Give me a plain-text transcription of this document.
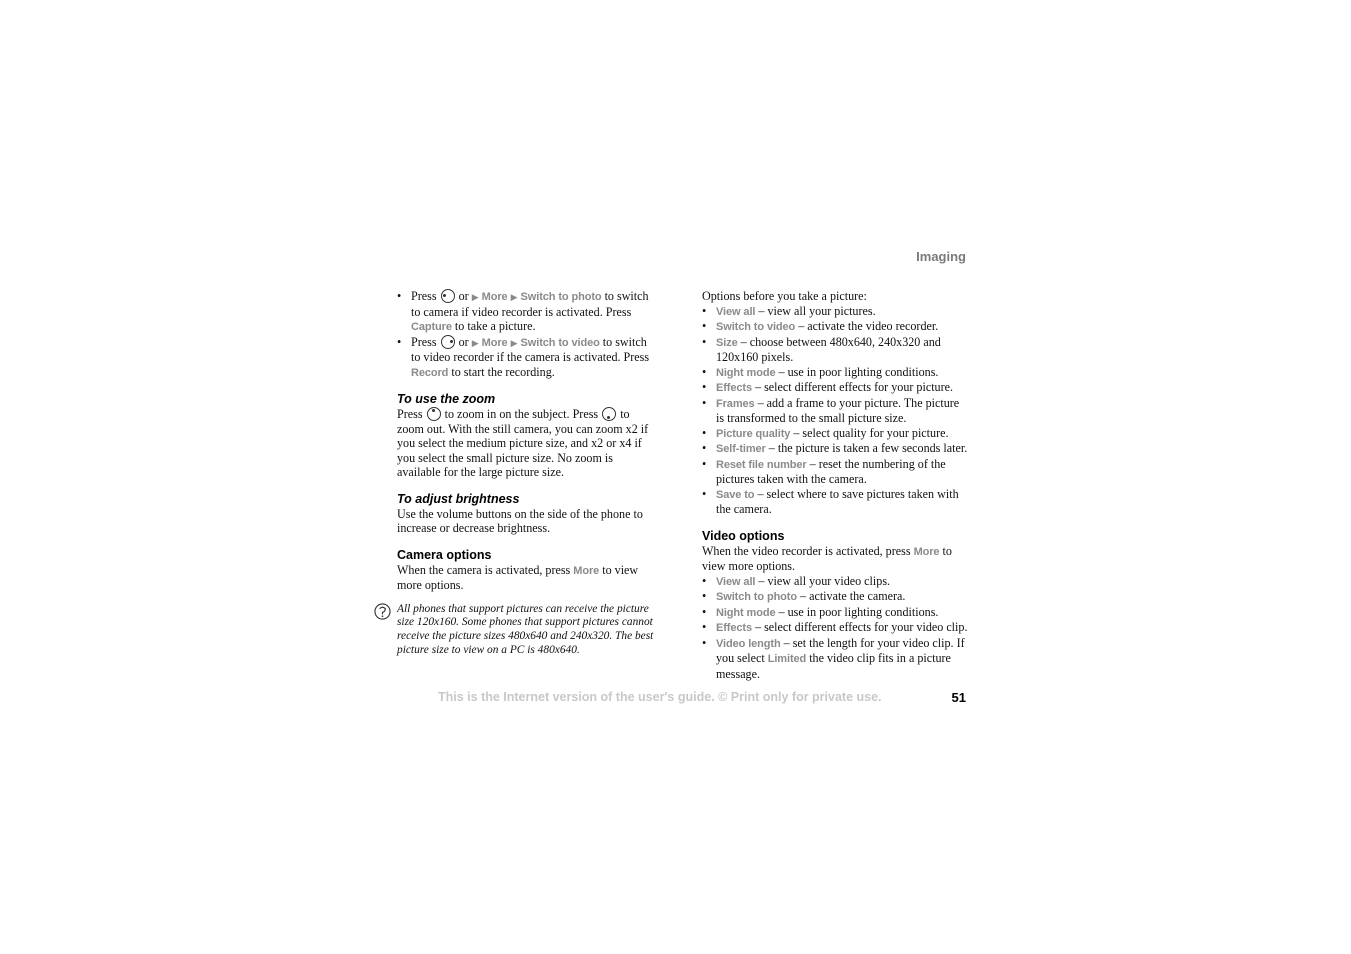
Imaging
• Press or ▶ More ▶ Switch to photo to switch to camera if video recorder is activated. Press Capture to take a picture.
• Press or ▶ More ▶ Switch to video to switch to video recorder if the camera is activated. Press Record to start the recording.
To use the zoom

Press to zoom in on the subject. Press to zoom out. With the still camera, you can zoom x2 if you select the medium picture size, and x2 or x4 if you select the small picture size. No zoom is available for the large picture size.

To adjust brightness

Use the volume buttons on the side of the phone to increase or decrease brightness.

Camera options

When the camera is activated, press More to view more options.

All phones that support pictures can receive the picture size 120x160. Some phones that support pictures cannot receive the picture sizes 480x640 and 240x320. The best picture size to view on a PC is 480x640.

Options before you take a picture:

• View all – view all your pictures.
• Switch to video – activate the video recorder.
• Size – choose between 480x640, 240x320 and 120x160 pixels.
• Night mode – use in poor lighting conditions.
• Effects – select different effects for your picture.
• Frames – add a frame to your picture. The picture is transformed to the small picture size.
• Picture quality – select quality for your picture.
• Self-timer – the picture is taken a few seconds later.
• Reset file number – reset the numbering of the pictures taken with the camera.
• Save to – select where to save pictures taken with the camera.
Video options

When the video recorder is activated, press More to view more options.

• View all – view all your video clips.
• Switch to photo – activate the camera.
• Night mode – use in poor lighting conditions.
• Effects – select different effects for your video clip.
• Video length – set the length for your video clip. If you select Limited the video clip fits in a picture message.
This is the Internet version of the user's guide. © Print only for private use.	51
